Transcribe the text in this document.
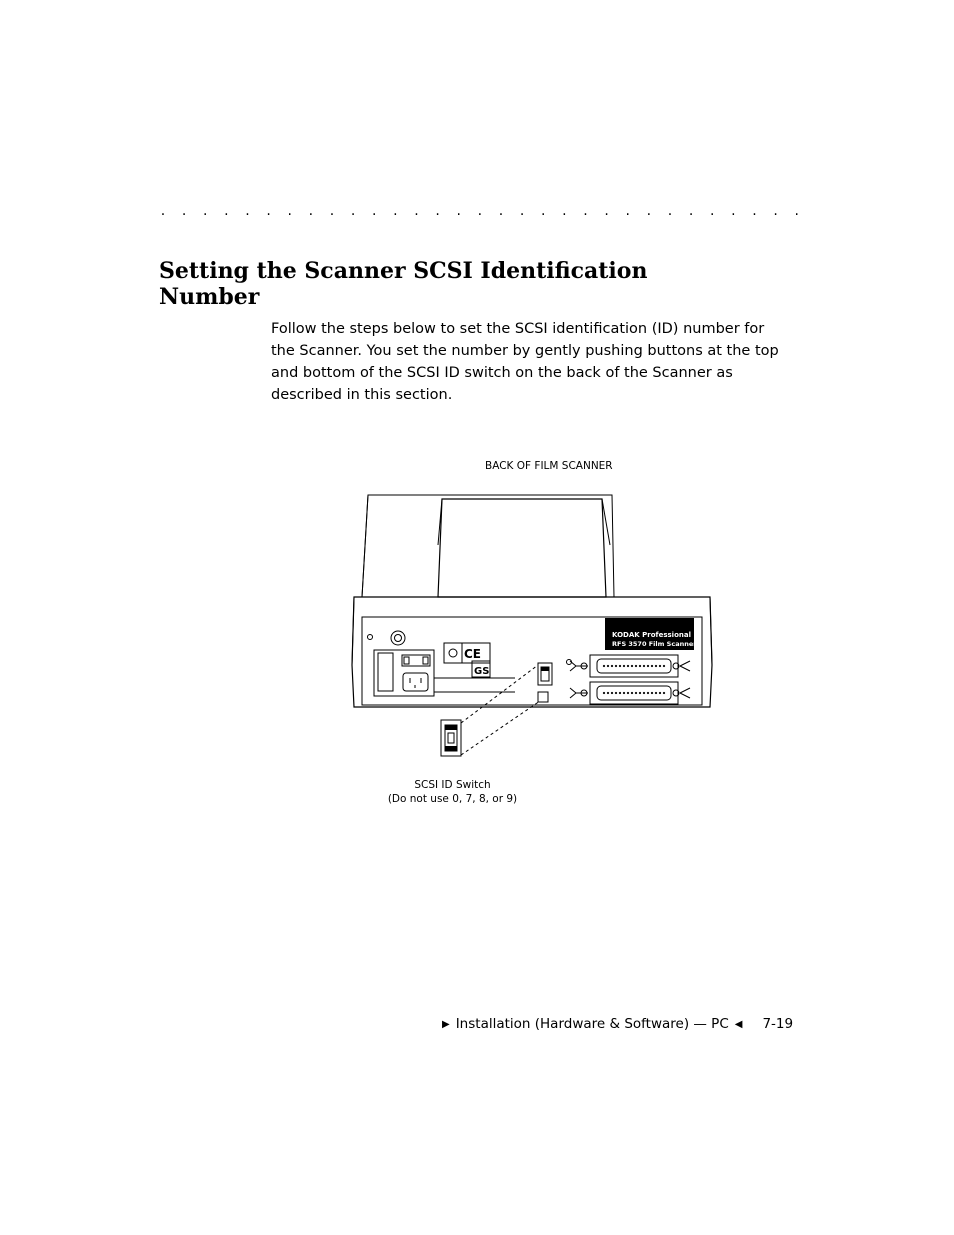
. . . . . . . . . . . . . . . . . . . . . . . . . . . . . . .
Setting the Scanner SCSI Identification Number

Follow the steps below to set the SCSI identification (ID) number for the Scanner. You set the number by gently pushing buttons at the top and bottom of the SCSI ID switch on the back of the Scanner as described in this section.

BACK OF FILM SCANNER
CE
GS
KODAK Professional
RFS 3570 Film Scanner
SCSI ID Switch
(Do not use 0, 7, 8, or 9)
▶ Installation (Hardware & Software) — PC ◀ 7-19
